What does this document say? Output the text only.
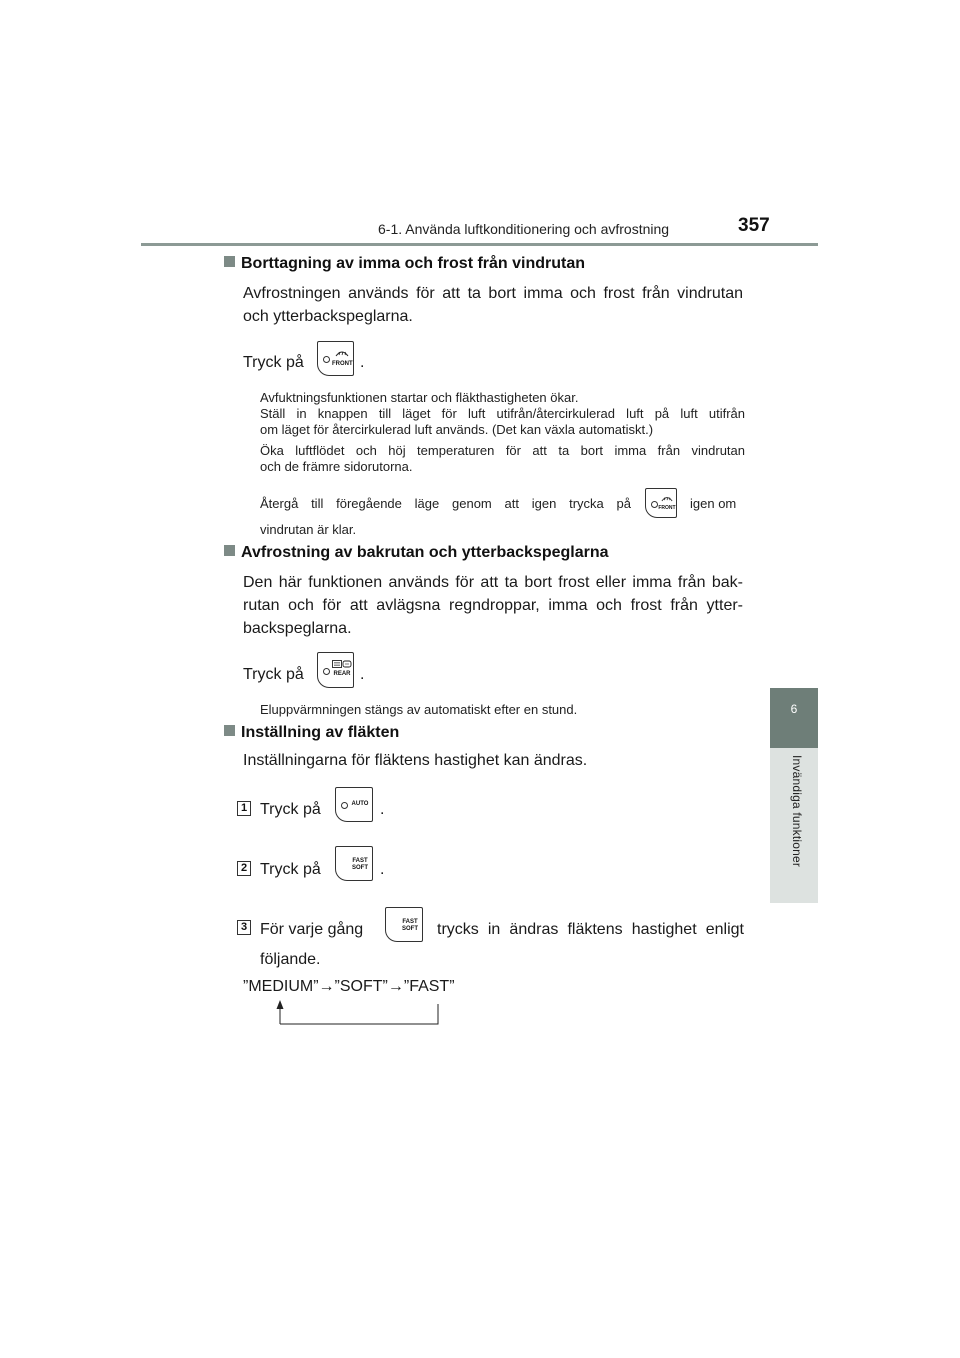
6-1. Använda luftkonditionering och avfrostning	357
6
Invändiga funktioner
Borttagning av imma och frost från vindrutan
Avfrostningen används för att ta bort imma och frost från vindrutan
och ytterbackspeglarna.
Tryck på	FRONT .
Avfuktningsfunktionen startar och fläkthastigheten ökar.
Ställ in knappen till läget för luft utifrån/återcirkulerad luft på luft utifrån
om läget för återcirkulerad luft används. (Det kan växla automatiskt.)
Öka luftflödet och höj temperaturen för att ta bort imma från vindrutan
och de främre sidorutorna.
Återgå till föregående läge genom att igen trycka på	FRONT igen om
vindrutan är klar.
Avfrostning av bakrutan och ytterbackspeglarna
Den här funktionen används för att ta bort frost eller imma från bak-
rutan och för att avlägsna regndroppar, imma och frost från ytter-
backspeglarna.
Tryck på	REAR .
Eluppvärmningen stängs av automatiskt efter en stund.
Inställning av fläkten
Inställningarna för fläktens hastighet kan ändras.
1 Tryck på	AUTO .
2 Tryck på	FAST
SOFT .
3 För varje gång	FAST
SOFT trycks in ändras fläktens hastighet enligt
följande.
”MEDIUM”→”SOFT”→”FAST”
